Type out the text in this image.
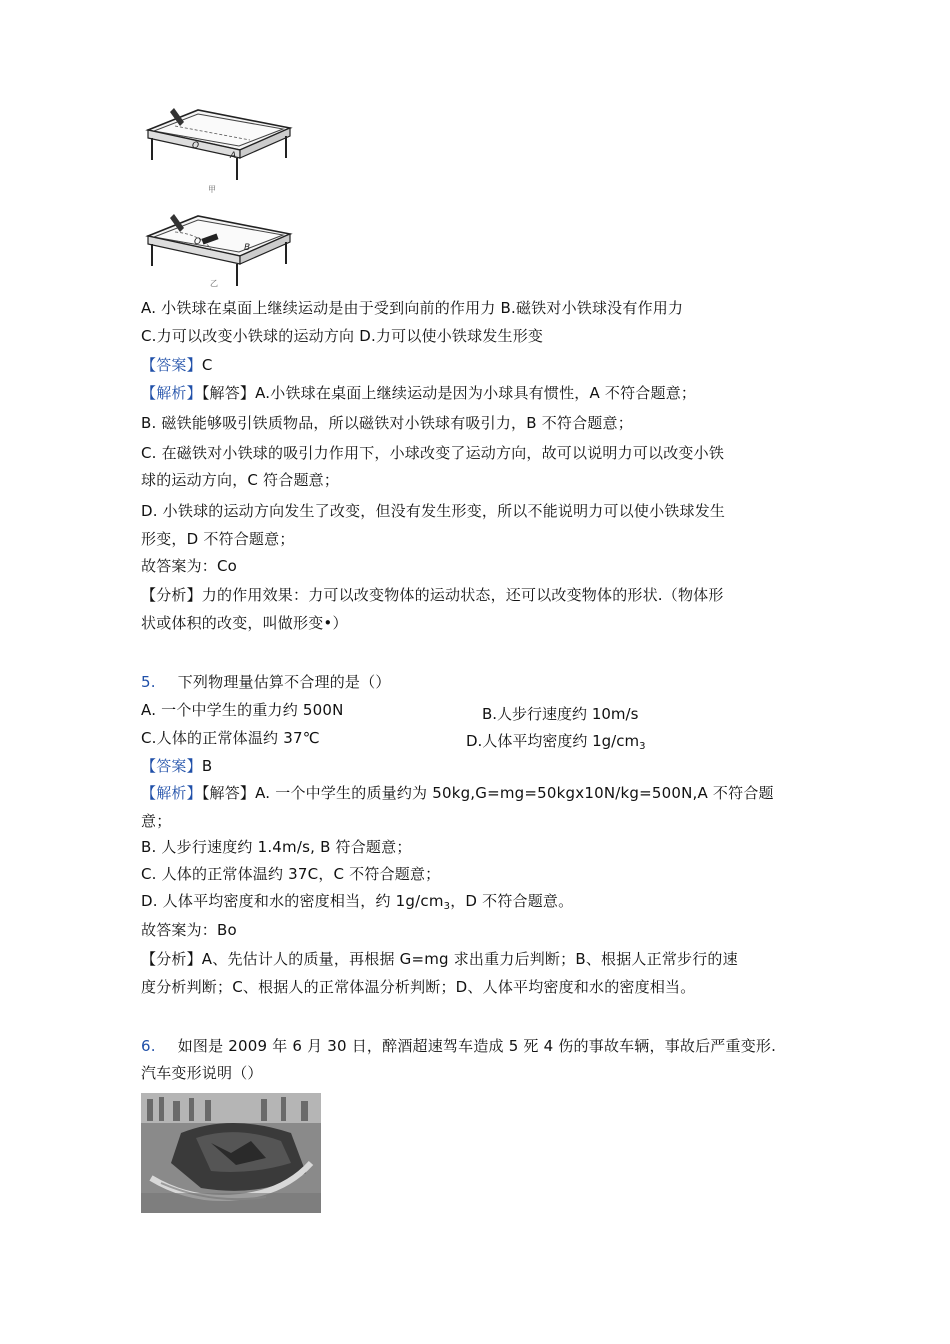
O
A
甲
O
B
乙
A. 小铁球在桌面上继续运动是由于受到向前的作用力 B.磁铁对小铁球没有作用力
C.力可以改变小铁球的运动方向 D.力可以使小铁球发生形变
【答案】C
【解析】【解答】A.小铁球在桌面上继续运动是因为小球具有惯性，A 不符合题意；
B. 磁铁能够吸引铁质物品，所以磁铁对小铁球有吸引力，B 不符合题意；
C. 在磁铁对小铁球的吸引力作用下，小球改变了运动方向，故可以说明力可以改变小铁
球的运动方向，C 符合题意；
D. 小铁球的运动方向发生了改变，但没有发生形变，所以不能说明力可以使小铁球发生
形变，D 不符合题意；
故答案为：Co
【分析】力的作用效果：力可以改变物体的运动状态，还可以改变物体的形状.（物体形
状或体积的改变，叫做形变•）
5. 下列物理量估算不合理的是（）
A. 一个中学生的重力约 500N	B.人步行速度约 10m/s
C.人体的正常体温约 37℃	D.人体平均密度约 $1g/cm_3$
【答案】B
【解析】【解答】A. 一个中学生的质量约为 50kg,G=mg=50kgx10N/kg=500N,A 不符合题
意；
B. 人步行速度约 1.4m/s, B 符合题意；
C. 人体的正常体温约 37C，C 不符合题意；
D. 人体平均密度和水的密度相当，约 $1g/cm_3$，D 不符合题意。
故答案为：Bo
【分析】A、先估计人的质量，再根据 G=mg 求出重力后判断；B、根据人正常步行的速
度分析判断；C、根据人的正常体温分析判断；D、人体平均密度和水的密度相当。
6. 如图是 2009 年 6 月 30 日，醉酒超速驾车造成 5 死 4 伤的事故车辆，事故后严重变形.
汽车变形说明（）
